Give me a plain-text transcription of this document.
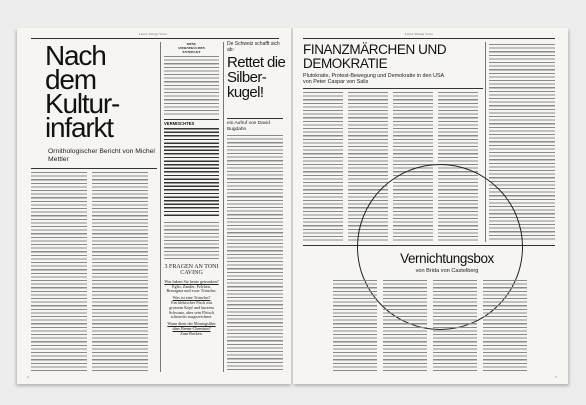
Lettre Village Voice
Nach
dem
Kultur-
infarkt
Ornithologischer Bericht von Michel Mettler
MENU
STERNEKÜCHEN
ENTDECKT
VERMISCHTES
3 FRAGEN AN TONI CAVING
Was haben Sie heute getrunken?
Eglis, Zander, Felchen, Brasagma und zwar Trinschn.
Was ist eine Trinschn?
Ein kleinscher Fisch mit grossem Kopf und kurzem Schwanz, aber sein Fleisch schmeckt ausgezeichnet.
Wann dient der Montagsfilm über Brenn-Chemisin?
Zum Backen.
De Schweiz schafft sich ab:
Rettet die Silber-kugel!
ein Aufruf von David Bugdahn
4
Lettre Village Voice
FINANZMÄRCHEN UND DEMOKRATIE
Plutokratie, Protest-Bewegung und Demokratie in den USA
von Peter Caspar von Salis
Vernichtungsbox
von Brida von Castelberg
5
